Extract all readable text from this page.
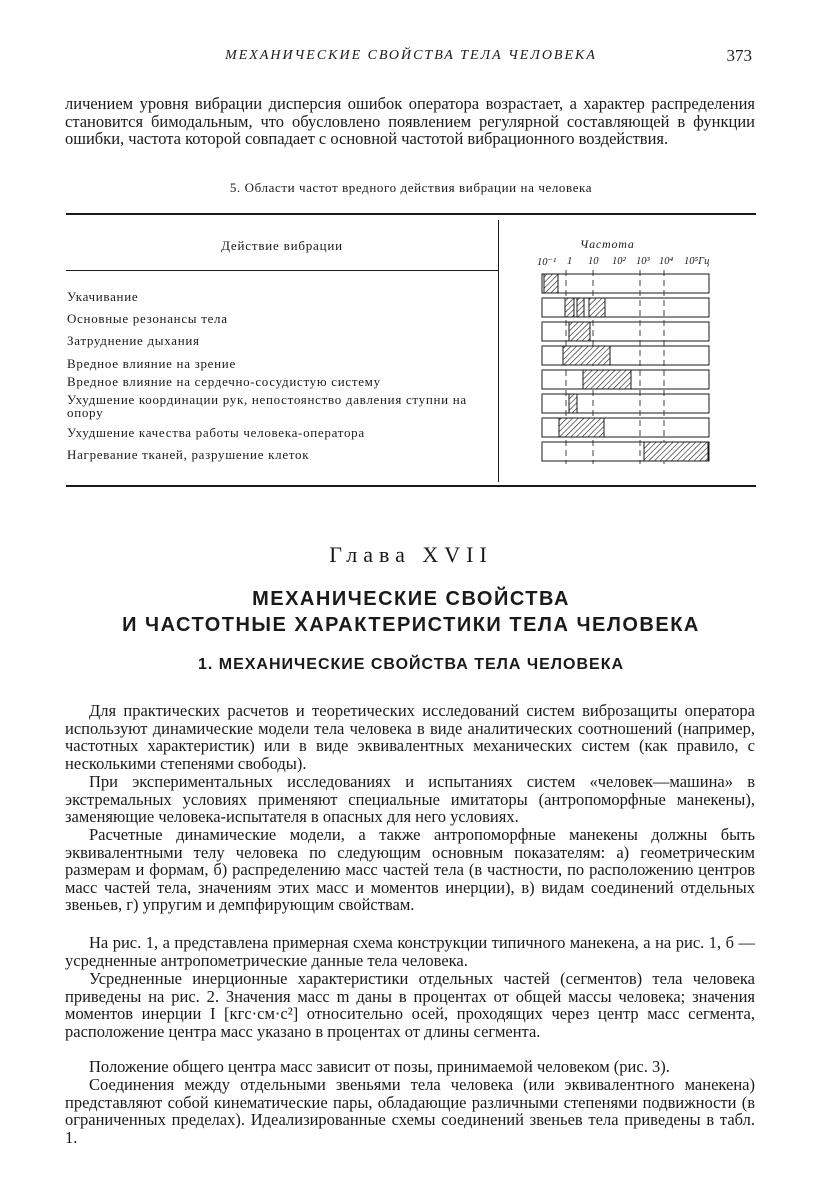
МЕХАНИЧЕСКИЕ СВОЙСТВА ТЕЛА ЧЕЛОВЕКА	373
личением уровня вибрации дисперсия ошибок оператора возрастает, а характер распределения становится бимодальным, что обусловлено появлением регулярной составляющей в функции ошибки, частота которой совпадает с основной частотой вибрационного воздействия.
5. Области частот вредного действия вибрации на человека
Действие вибрации	Частота
10⁻¹ 1 10 10² 10³ 10⁴ 10⁵Гц
Укачивание
Основные резонансы тела
Затруднение дыхания
Вредное влияние на зрение
Вредное влияние на сердечно-сосудистую систему
Ухудшение координации рук, непостоянство давления ступни на опору
Ухудшение качества работы человека-оператора
Нагревание тканей, разрушение клеток
Глава XVII
МЕХАНИЧЕСКИЕ СВОЙСТВА
И ЧАСТОТНЫЕ ХАРАКТЕРИСТИКИ ТЕЛА ЧЕЛОВЕКА
1. МЕХАНИЧЕСКИЕ СВОЙСТВА ТЕЛА ЧЕЛОВЕКА
Для практических расчетов и теоретических исследований систем виброзащиты оператора используют динамические модели тела человека в виде аналитических соотношений (например, частотных характеристик) или в виде эквивалентных механических систем (как правило, с несколькими степенями свободы).
При экспериментальных исследованиях и испытаниях систем «человек—машина» в экстремальных условиях применяют специальные имитаторы (антропоморфные манекены), заменяющие человека-испытателя в опасных для него условиях.
Расчетные динамические модели, а также антропоморфные манекены должны быть эквивалентными телу человека по следующим основным показателям: а) геометрическим размерам и формам, б) распределению масс частей тела (в частности, по расположению центров масс частей тела, значениям этих масс и моментов инерции), в) видам соединений отдельных звеньев, г) упругим и демпфирующим свойствам.
На рис. 1, а представлена примерная схема конструкции типичного манекена, а на рис. 1, б — усредненные антропометрические данные тела человека.
Усредненные инерционные характеристики отдельных частей (сегментов) тела человека приведены на рис. 2. Значения масс m даны в процентах от общей массы человека; значения моментов инерции I [кгс·см·с²] относительно осей, проходящих через центр масс сегмента, расположение центра масс указано в процентах от длины сегмента.
Положение общего центра масс зависит от позы, принимаемой человеком (рис. 3).
Соединения между отдельными звеньями тела человека (или эквивалентного манекена) представляют собой кинематические пары, обладающие различными степенями подвижности (в ограниченных пределах). Идеализированные схемы соединений звеньев тела приведены в табл. 1.
